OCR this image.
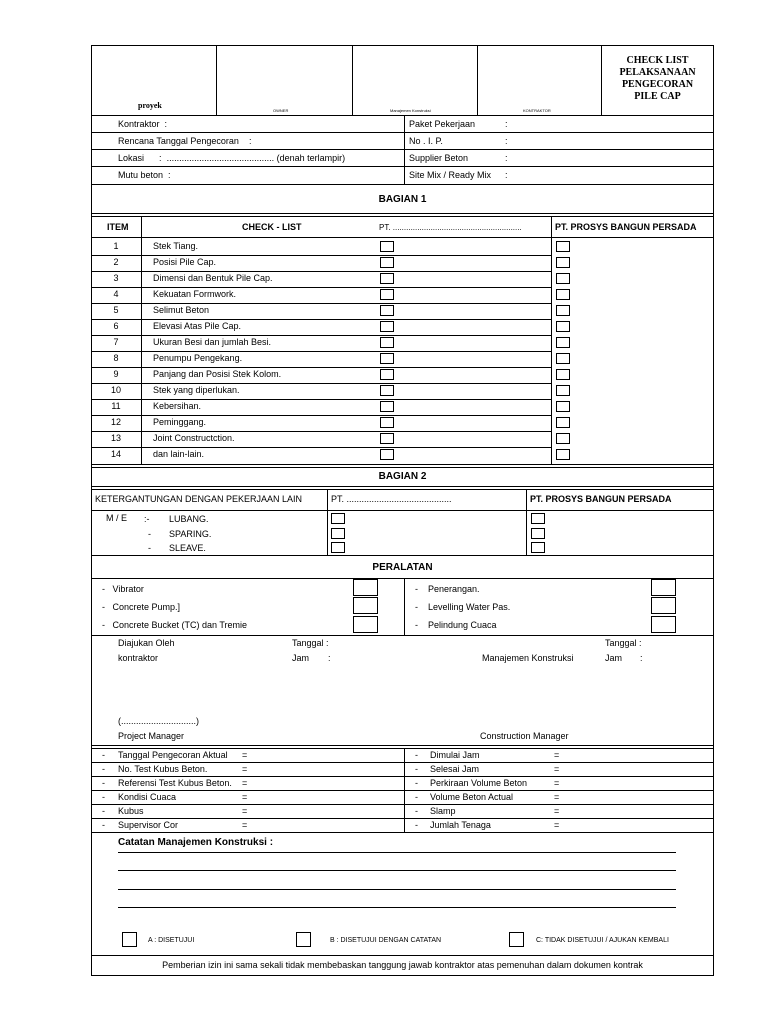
proyek
OWNER	Manajemen Konstruksi	KONTRAKTOR
CHECK LIST
PELAKSANAAN
PENGECORAN
PILE CAP
Kontraktor :
Rencana Tanggal Pengecoran :
Lokasi : ........................................... (denah terlampir)
Mutu beton :
Paket Pekerjaan	:
No . I. P.	:
Supplier Beton	:
Site Mix / Ready Mix :
BAGIAN 1
ITEM	CHECK - LIST	PT. ..........................................................	PT. PROSYS BANGUN PERSADA
1	Stek Tiang.
2	Posisi Pile Cap.
3	Dimensi dan Bentuk Pile Cap.
4	Kekuatan Formwork.
5	Selimut Beton
6	Elevasi Atas Pile Cap.
7	Ukuran Besi dan jumlah Besi.
8	Penumpu Pengekang.
9	Panjang dan Posisi Stek Kolom.
10	Stek yang diperlukan.
11	Kebersihan.
12	Peminggang.
13	Joint Constructction.
14	dan lain-lain.
BAGIAN 2
KETERGANTUNGAN DENGAN PEKERJAAN LAIN	PT. ..........................................	PT. PROSYS BANGUN PERSADA
M / E :- LUBANG.
- SPARING.
- SLEAVE.
PERALATAN
-   Vibrator
-   Concrete Pump.]
-   Concrete Bucket (TC) dan Tremie
-    Penerangan.
-    Levelling Water Pas.
-    Pelindung Cuaca
Diajukan Oleh
kontraktor
Tanggal :
Jam :	Manajemen Konstruksi
Tanggal :
Jam :
(..............................)
Project Manager	Construction Manager
- Tanggal Pengecoran Aktual =
- No. Test Kubus Beton.	=
- Referensi Test Kubus Beton. =
- Kondisi Cuaca	=
- Kubus	=
- Supervisor Cor	=
- Dimulai Jam	=
- Selesai Jam	=
- Perkiraan Volume Beton	=
- Volume Beton Actual	=
- Slamp	=
- Jumlah Tenaga	=
Catatan Manajemen Konstruksi :
A : DISETUJUI	B : DISETUJUI DENGAN CATATAN	C: TIDAK DISETUJUI / AJUKAN KEMBALI
Pemberian izin ini sama sekali tidak membebaskan tanggung jawab kontraktor atas pemenuhan dalam dokumen kontrak
